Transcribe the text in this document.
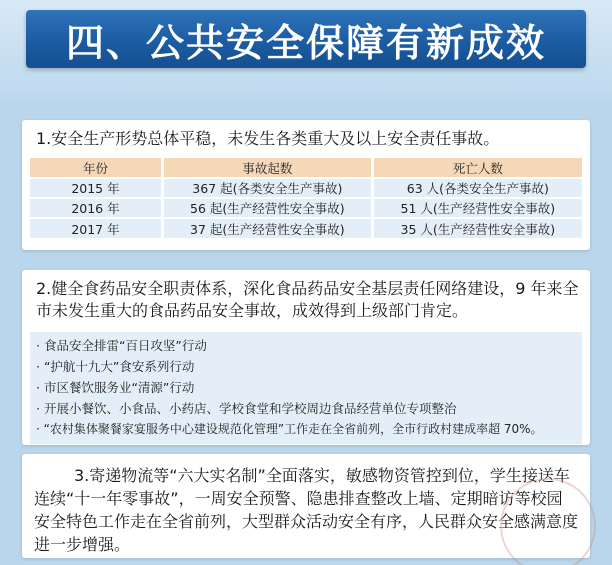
四、公共安全保障有新成效

1.安全生产形势总体平稳，未发生各类重大及以上安全责任事故。

年份	事故起数	死亡人数
2015 年	367 起(各类安全生产事故)	63 人(各类安全生产事故)
2016 年	56 起(生产经营性安全事故)	51 人(生产经营性安全事故)
2017 年	37 起(生产经营性安全事故)	35 人(生产经营性安全事故)

2.健全食药品安全职责体系，深化食品药品安全基层责任网络建设，9 年来全市未发生重大的食品药品安全事故，成效得到上级部门肯定。

· 食品安全排雷“百日攻坚”行动
· “护航十九大”食安系列行动
· 市区餐饮服务业“清源”行动
· 开展小餐饮、小食品、小药店、学校食堂和学校周边食品经营单位专项整治
· “农村集体聚餐家宴服务中心建设规范化管理”工作走在全省前列，全市行政村建成率超 70%。

3.寄递物流等“六大实名制”全面落实，敏感物资管控到位，学生接送车连续“十一年零事故”，一周安全预警、隐患排查整改上墙、定期暗访等校园安全特色工作走在全省前列，大型群众活动安全有序，人民群众安全感满意度进一步增强。
